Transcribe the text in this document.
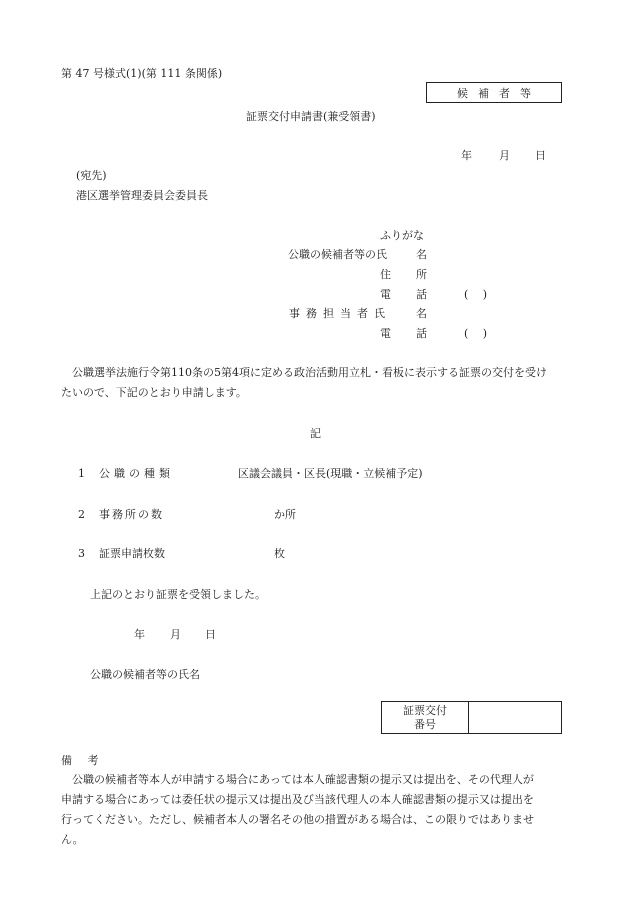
第 47 号様式(1)(第 111 条関係)
候補者等
証票交付申請書(兼受領書)
年 月 日
(宛先)
港区選挙管理委員会委員長
ふりがな
公職の候補者等の氏	名
住 所
電 話	(　 )
事務担当者氏 名
電 話	(　 )
公職選挙法施行令第110条の5第4項に定める政治活動用立札・看板に表示する証票の交付を受け
たいので、下記のとおり申請します。
記
1 公職の種類	区議会議員・区長(現職・立候補予定)
2 事務所の数	か所
3 証票申請枚数	枚
上記のとおり証票を受領しました。
年 月 日
公職の候補者等の氏名
証票交付
番号

備 考
公職の候補者等本人が申請する場合にあっては本人確認書類の提示又は提出を、その代理人が
申請する場合にあっては委任状の提示又は提出及び当該代理人の本人確認書類の提示又は提出を
行ってください。ただし、候補者本人の署名その他の措置がある場合は、この限りではありませ
ん。
